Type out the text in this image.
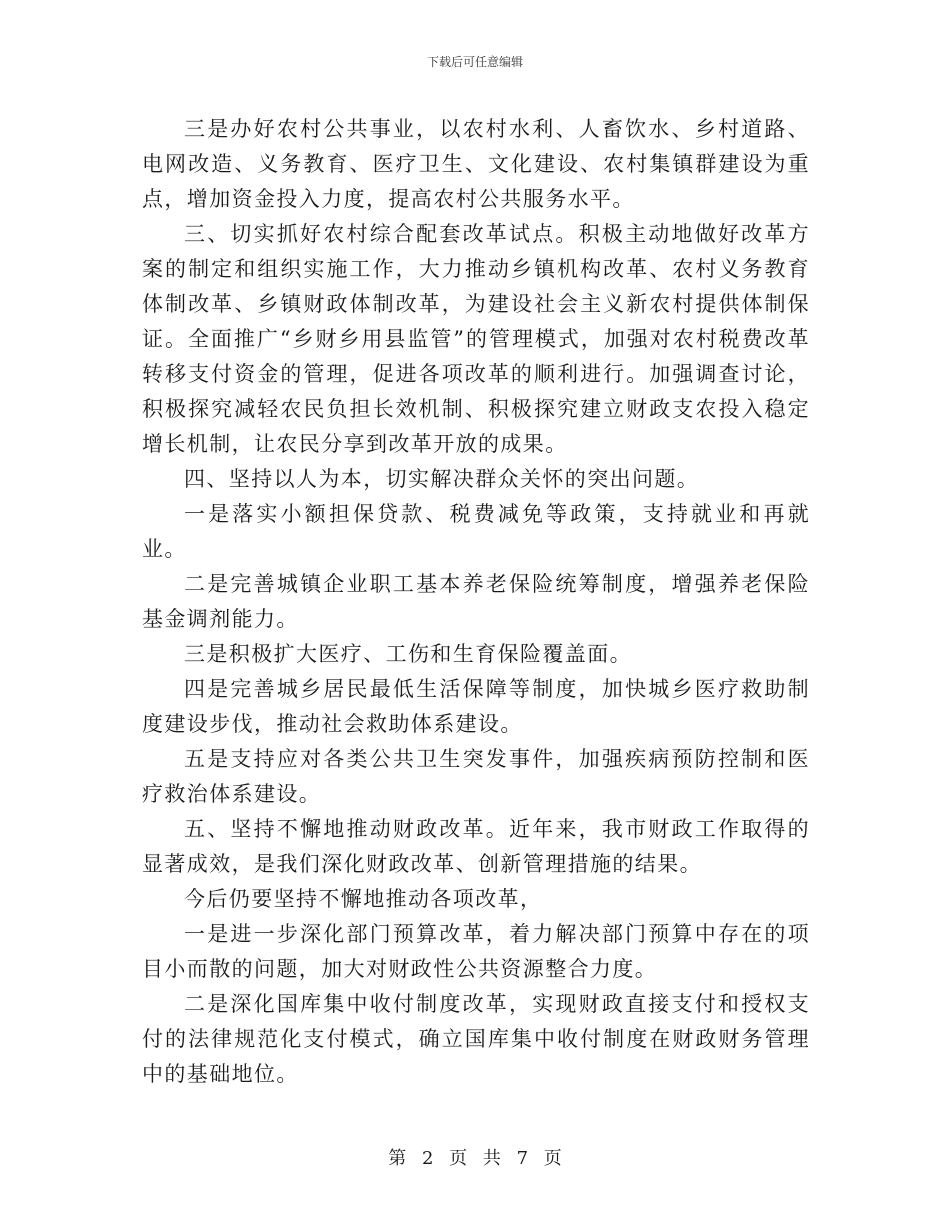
下载后可任意编辑

三是办好农村公共事业，以农村水利、人畜饮水、乡村道路、电网改造、义务教育、医疗卫生、文化建设、农村集镇群建设为重点，增加资金投入力度，提高农村公共服务水平。

三、切实抓好农村综合配套改革试点。积极主动地做好改革方案的制定和组织实施工作，大力推动乡镇机构改革、农村义务教育体制改革、乡镇财政体制改革，为建设社会主义新农村提供体制保证。全面推广“乡财乡用县监管”的管理模式，加强对农村税费改革转移支付资金的管理，促进各项改革的顺利进行。加强调查讨论，积极探究减轻农民负担长效机制、积极探究建立财政支农投入稳定增长机制，让农民分享到改革开放的成果。

四、坚持以人为本，切实解决群众关怀的突出问题。

一是落实小额担保贷款、税费减免等政策，支持就业和再就业。

二是完善城镇企业职工基本养老保险统筹制度，增强养老保险基金调剂能力。

三是积极扩大医疗、工伤和生育保险覆盖面。

四是完善城乡居民最低生活保障等制度，加快城乡医疗救助制度建设步伐，推动社会救助体系建设。

五是支持应对各类公共卫生突发事件，加强疾病预防控制和医疗救治体系建设。

五、坚持不懈地推动财政改革。近年来，我市财政工作取得的显著成效，是我们深化财政改革、创新管理措施的结果。

今后仍要坚持不懈地推动各项改革，

一是进一步深化部门预算改革，着力解决部门预算中存在的项目小而散的问题，加大对财政性公共资源整合力度。

二是深化国库集中收付制度改革，实现财政直接支付和授权支付的法律规范化支付模式，确立国库集中收付制度在财政财务管理中的基础地位。

第 2 页 共 7 页
